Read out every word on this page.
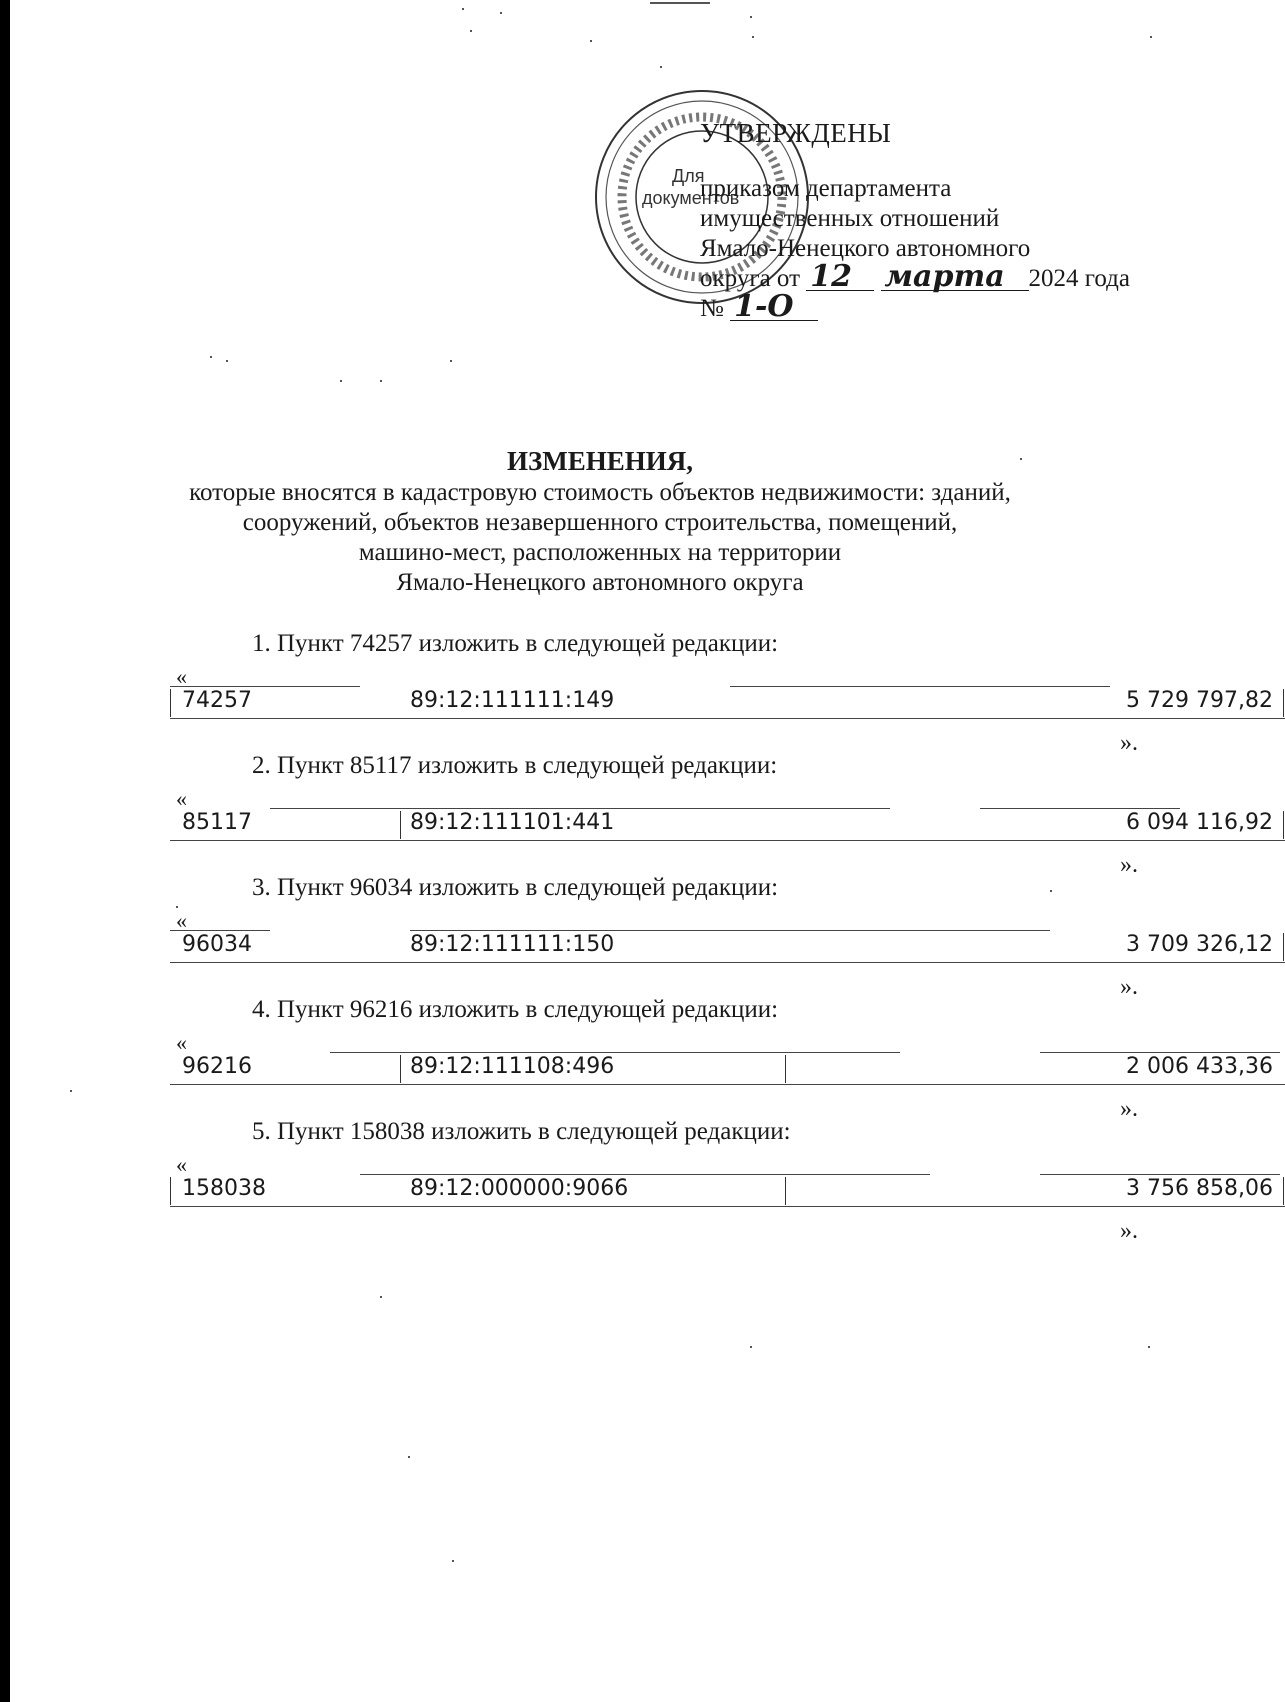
Для
документов
УТВЕРЖДЕНЫ
приказом департамента
имущественных отношений
Ямало-Ненецкого автономного
округа от 12 марта 2024 года
№ 1-О
ИЗМЕНЕНИЯ,
которые вносятся в кадастровую стоимость объектов недвижимости: зданий,
сооружений, объектов незавершенного строительства, помещений,
машино-мест, расположенных на территории
Ямало-Ненецкого автономного округа
1. Пункт 74257 изложить в следующей редакции:
«
74257	89:12:111111:149	5 729 797,82
».
2. Пункт 85117 изложить в следующей редакции:
«
85117	89:12:111101:441	6 094 116,92
».
3. Пункт 96034 изложить в следующей редакции:
«
96034	89:12:111111:150	3 709 326,12
».
4. Пункт 96216 изложить в следующей редакции:
«
96216	89:12:111108:496	2 006 433,36
».
5. Пункт 158038 изложить в следующей редакции:
«
158038	89:12:000000:9066	3 756 858,06
».
